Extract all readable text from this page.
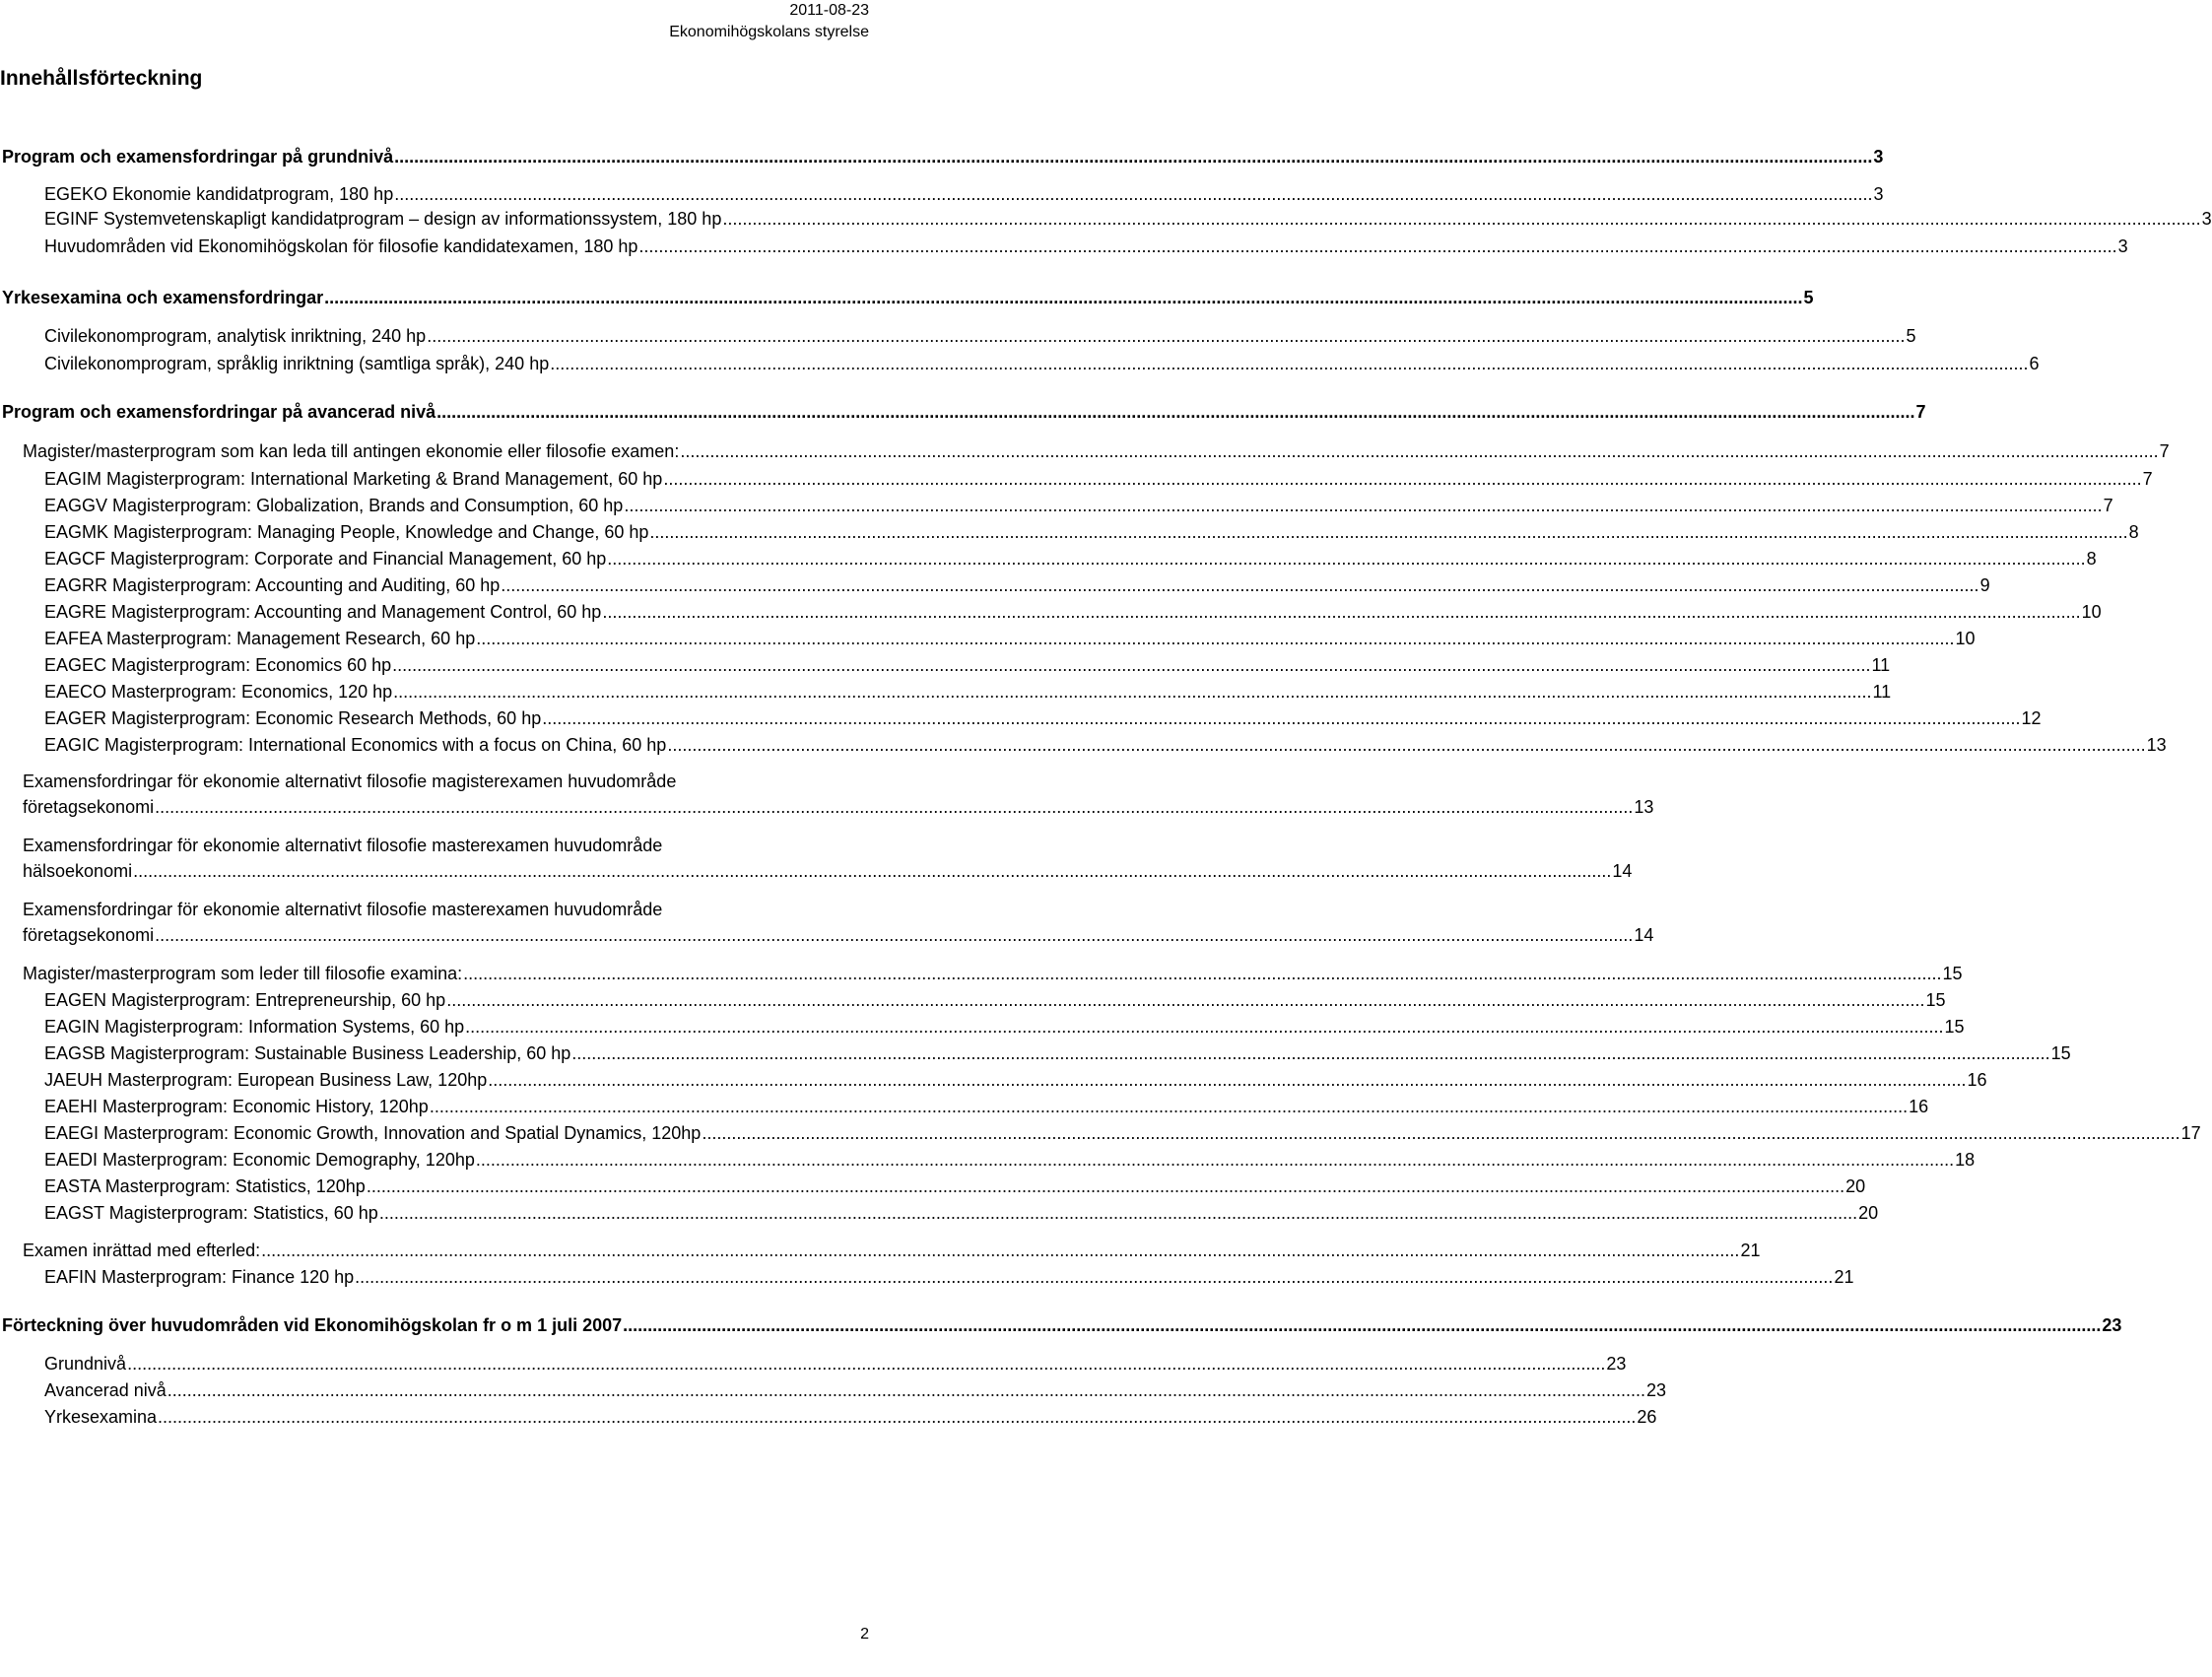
2011-08-23
Ekonomihögskolans styrelse
Innehållsförteckning
Program och examensfordringar på grundnivå ............................................................................................................................................................................................................................................................................................................ 3
EGEKO Ekonomie kandidatprogram, 180 hp ............................................................................................................................................................................................................................................................................................................ 3
EGINF Systemvetenskapligt kandidatprogram – design av informationssystem, 180 hp ............................................................................................................................................................................................................................................................................................................ 3
Huvudområden vid Ekonomihögskolan för filosofie kandidatexamen, 180 hp ............................................................................................................................................................................................................................................................................................................ 3
Yrkesexamina och examensfordringar ............................................................................................................................................................................................................................................................................................................ 5
Civilekonomprogram, analytisk inriktning, 240 hp ............................................................................................................................................................................................................................................................................................................ 5
Civilekonomprogram, språklig inriktning (samtliga språk), 240 hp ............................................................................................................................................................................................................................................................................................................ 6
Program och examensfordringar på avancerad nivå ............................................................................................................................................................................................................................................................................................................ 7
Magister/masterprogram som kan leda till antingen ekonomie eller filosofie examen: ............................................................................................................................................................................................................................................................................................................ 7
EAGIM Magisterprogram: International Marketing & Brand Management, 60 hp ............................................................................................................................................................................................................................................................................................................ 7
EAGGV Magisterprogram: Globalization, Brands and Consumption, 60 hp ............................................................................................................................................................................................................................................................................................................ 7
EAGMK Magisterprogram: Managing People, Knowledge and Change, 60 hp ............................................................................................................................................................................................................................................................................................................ 8
EAGCF Magisterprogram: Corporate and Financial Management, 60 hp ............................................................................................................................................................................................................................................................................................................ 8
EAGRR Magisterprogram: Accounting and Auditing, 60 hp ............................................................................................................................................................................................................................................................................................................ 9
EAGRE Magisterprogram: Accounting and Management Control, 60 hp ............................................................................................................................................................................................................................................................................................................ 10
EAFEA Masterprogram: Management Research, 60 hp ............................................................................................................................................................................................................................................................................................................ 10
EAGEC Magisterprogram: Economics 60 hp ............................................................................................................................................................................................................................................................................................................ 11
EAECO Masterprogram: Economics, 120 hp ............................................................................................................................................................................................................................................................................................................ 11
EAGER Magisterprogram: Economic Research Methods, 60 hp ............................................................................................................................................................................................................................................................................................................ 12
EAGIC Magisterprogram: International Economics with a focus on China, 60 hp ............................................................................................................................................................................................................................................................................................................ 13
Examensfordringar för ekonomie alternativt filosofie magisterexamen huvudområde
företagsekonomi ............................................................................................................................................................................................................................................................................................................ 13
Examensfordringar för ekonomie alternativt filosofie masterexamen huvudområde
hälsoekonomi ............................................................................................................................................................................................................................................................................................................ 14
Examensfordringar för ekonomie alternativt filosofie masterexamen huvudområde
företagsekonomi ............................................................................................................................................................................................................................................................................................................ 14
Magister/masterprogram som leder till filosofie examina: ............................................................................................................................................................................................................................................................................................................ 15
EAGEN Magisterprogram: Entrepreneurship, 60 hp ............................................................................................................................................................................................................................................................................................................ 15
EAGIN Magisterprogram: Information Systems, 60 hp ............................................................................................................................................................................................................................................................................................................ 15
EAGSB Magisterprogram: Sustainable Business Leadership, 60 hp ............................................................................................................................................................................................................................................................................................................ 15
JAEUH Masterprogram: European Business Law, 120hp ............................................................................................................................................................................................................................................................................................................ 16
EAEHI Masterprogram: Economic History, 120hp ............................................................................................................................................................................................................................................................................................................ 16
EAEGI Masterprogram: Economic Growth, Innovation and Spatial Dynamics, 120hp ............................................................................................................................................................................................................................................................................................................ 17
EAEDI Masterprogram: Economic Demography, 120hp ............................................................................................................................................................................................................................................................................................................ 18
EASTA Masterprogram: Statistics, 120hp ............................................................................................................................................................................................................................................................................................................ 20
EAGST Magisterprogram: Statistics, 60 hp ............................................................................................................................................................................................................................................................................................................ 20
Examen inrättad med efterled: ............................................................................................................................................................................................................................................................................................................ 21
EAFIN Masterprogram: Finance 120 hp ............................................................................................................................................................................................................................................................................................................ 21
Förteckning över huvudområden vid Ekonomihögskolan fr o m 1 juli 2007 ............................................................................................................................................................................................................................................................................................................ 23
Grundnivå ............................................................................................................................................................................................................................................................................................................ 23
Avancerad nivå ............................................................................................................................................................................................................................................................................................................ 23
Yrkesexamina ............................................................................................................................................................................................................................................................................................................ 26
2
